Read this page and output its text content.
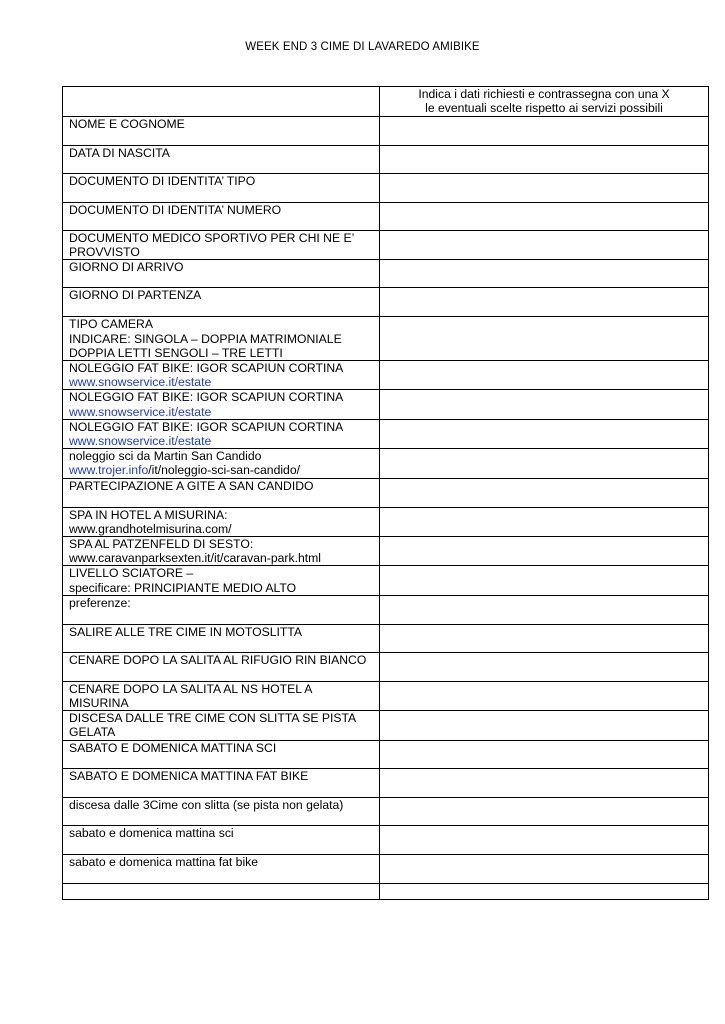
WEEK END 3 CIME DI LAVAREDO AMIBIKE

	Indica i dati richiesti e contrassegna con una X
le eventuali scelte rispetto ai servizi possibili

NOME E COGNOME	

DATA DI NASCITA	

DOCUMENTO DI IDENTITA’ TIPO	

DOCUMENTO DI IDENTITA’ NUMERO	

DOCUMENTO MEDICO SPORTIVO PER CHI NE E’
PROVVISTO	

GIORNO DI ARRIVO	

GIORNO DI PARTENZA	

TIPO CAMERA
INDICARE: SINGOLA – DOPPIA MATRIMONIALE
DOPPIA LETTI SENGOLI – TRE LETTI	

NOLEGGIO FAT BIKE: IGOR SCAPIUN CORTINA
www.snowservice.it/estate	

NOLEGGIO FAT BIKE: IGOR SCAPIUN CORTINA
www.snowservice.it/estate	

NOLEGGIO FAT BIKE: IGOR SCAPIUN CORTINA
www.snowservice.it/estate	

noleggio sci da Martin San Candido
www.trojer.info/it/noleggio-sci-san-candido/	

PARTECIPAZIONE A GITE A SAN CANDIDO	

SPA IN HOTEL A MISURINA:
www.grandhotelmisurina.com/	

SPA AL PATZENFELD DI SESTO:
www.caravanparksexten.it/it/caravan-park.html	

LIVELLO SCIATORE –
specificare: PRINCIPIANTE MEDIO ALTO	

preferenze:	

SALIRE ALLE TRE CIME IN MOTOSLITTA	

CENARE DOPO LA SALITA AL RIFUGIO RIN BIANCO	

CENARE DOPO LA SALITA AL NS HOTEL A
MISURINA	

DISCESA DALLE TRE CIME CON SLITTA SE PISTA
GELATA	

SABATO E DOMENICA MATTINA SCI	

SABATO E DOMENICA MATTINA FAT BIKE	

discesa dalle 3Cime con slitta (se pista non gelata)	

sabato e domenica mattina sci	

sabato e domenica mattina fat bike	
